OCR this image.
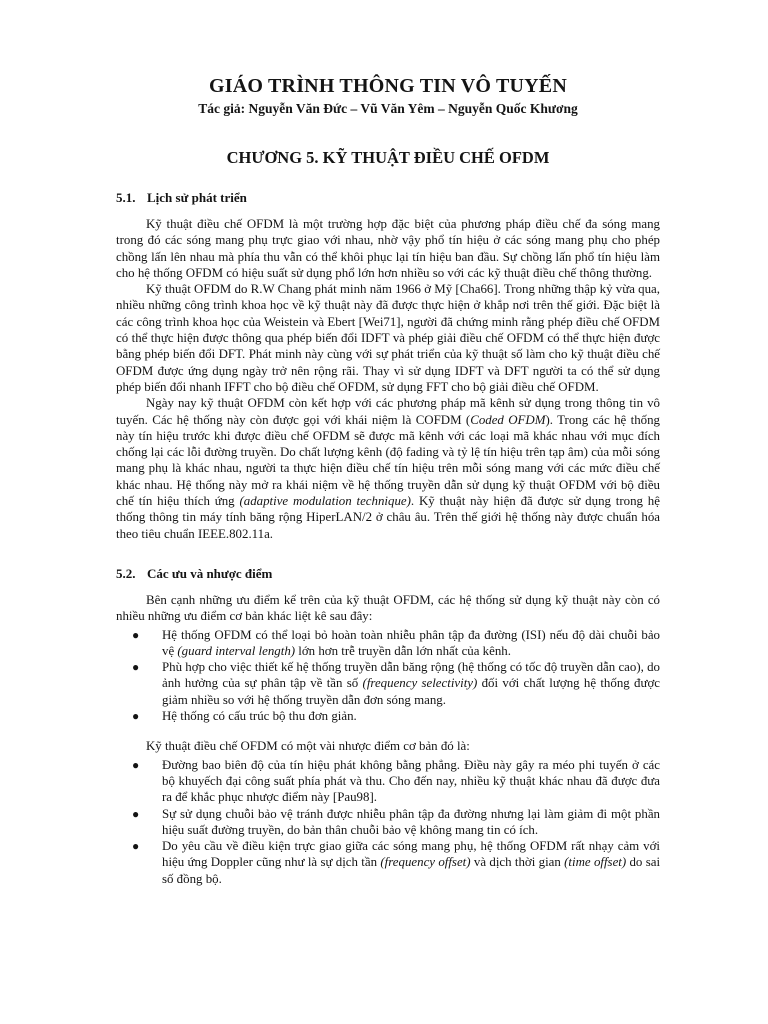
GIÁO TRÌNH THÔNG TIN VÔ TUYẾN
Tác giả: Nguyễn Văn Đức – Vũ Văn Yêm – Nguyễn Quốc Khương
CHƯƠNG 5. KỸ THUẬT ĐIỀU CHẾ OFDM
5.1. Lịch sử phát triển

Kỹ thuật điều chế OFDM là một trường hợp đặc biệt của phương pháp điều chế đa sóng mang trong đó các sóng mang phụ trực giao với nhau, nhờ vậy phổ tín hiệu ở các sóng mang phụ cho phép chồng lấn lên nhau mà phía thu vẫn có thể khôi phục lại tín hiệu ban đầu. Sự chồng lấn phổ tín hiệu làm cho hệ thống OFDM có hiệu suất sử dụng phổ lớn hơn nhiều so với các kỹ thuật điều chế thông thường.

Kỹ thuật OFDM do R.W Chang phát minh năm 1966 ở Mỹ [Cha66]. Trong những thập kỷ vừa qua, nhiều những công trình khoa học về kỹ thuật này đã được thực hiện ở khắp nơi trên thế giới. Đặc biệt là các công trình khoa học của Weistein và Ebert [Wei71], người đã chứng minh rằng phép điều chế OFDM có thể thực hiện được thông qua phép biến đổi IDFT và phép giải điều chế OFDM có thể thực hiện được bằng phép biến đổi DFT. Phát minh này cùng với sự phát triển của kỹ thuật số làm cho kỹ thuật điều chế OFDM được ứng dụng ngày trở nên rộng rãi. Thay vì sử dụng IDFT và DFT người ta có thể sử dụng phép biến đổi nhanh IFFT cho bộ điều chế OFDM, sử dụng FFT cho bộ giải điều chế OFDM.

Ngày nay kỹ thuật OFDM còn kết hợp với các phương pháp mã kênh sử dụng trong thông tin vô tuyến. Các hệ thống này còn được gọi với khái niệm là COFDM (Coded OFDM). Trong các hệ thống này tín hiệu trước khi được điều chế OFDM sẽ được mã kênh với các loại mã khác nhau với mục đích chống lại các lỗi đường truyền. Do chất lượng kênh (độ fading và tỷ lệ tín hiệu trên tạp âm) của mỗi sóng mang phụ là khác nhau, người ta thực hiện điều chế tín hiệu trên mỗi sóng mang với các mức điều chế khác nhau. Hệ thống này mở ra khái niệm về hệ thống truyền dẫn sử dụng kỹ thuật OFDM với bộ điều chế tín hiệu thích ứng (adaptive modulation technique). Kỹ thuật này hiện đã được sử dụng trong hệ thống thông tin máy tính băng rộng HiperLAN/2 ở châu âu. Trên thế giới hệ thống này được chuẩn hóa theo tiêu chuẩn IEEE.802.11a.

5.2. Các ưu và nhược điểm

Bên cạnh những ưu điểm kể trên của kỹ thuật OFDM, các hệ thống sử dụng kỹ thuật này còn có nhiều những ưu điểm cơ bản khác liệt kê sau đây:

● Hệ thống OFDM có thể loại bỏ hoàn toàn nhiễu phân tập đa đường (ISI) nếu độ dài chuỗi bảo vệ (guard interval length) lớn hơn trễ truyền dẫn lớn nhất của kênh.
● Phù hợp cho việc thiết kế hệ thống truyền dẫn băng rộng (hệ thống có tốc độ truyền dẫn cao), do ảnh hưởng của sự phân tập về tần số (frequency selectivity) đối với chất lượng hệ thống được giảm nhiều so với hệ thống truyền dẫn đơn sóng mang.
● Hệ thống có cấu trúc bộ thu đơn giản.

Kỹ thuật điều chế OFDM có một vài nhược điểm cơ bản đó là:

● Đường bao biên độ của tín hiệu phát không bằng phẳng. Điều này gây ra méo phi tuyến ở các bộ khuyếch đại công suất phía phát và thu. Cho đến nay, nhiều kỹ thuật khác nhau đã được đưa ra để khắc phục nhược điểm này [Pau98].
● Sự sử dụng chuỗi bảo vệ tránh được nhiễu phân tập đa đường nhưng lại làm giảm đi một phần hiệu suất đường truyền, do bản thân chuỗi bảo vệ không mang tin có ích.
● Do yêu cầu về điều kiện trực giao giữa các sóng mang phụ, hệ thống OFDM rất nhạy cảm với hiệu ứng Doppler cũng như là sự dịch tần (frequency offset) và dịch thời gian (time offset) do sai số đồng bộ.
